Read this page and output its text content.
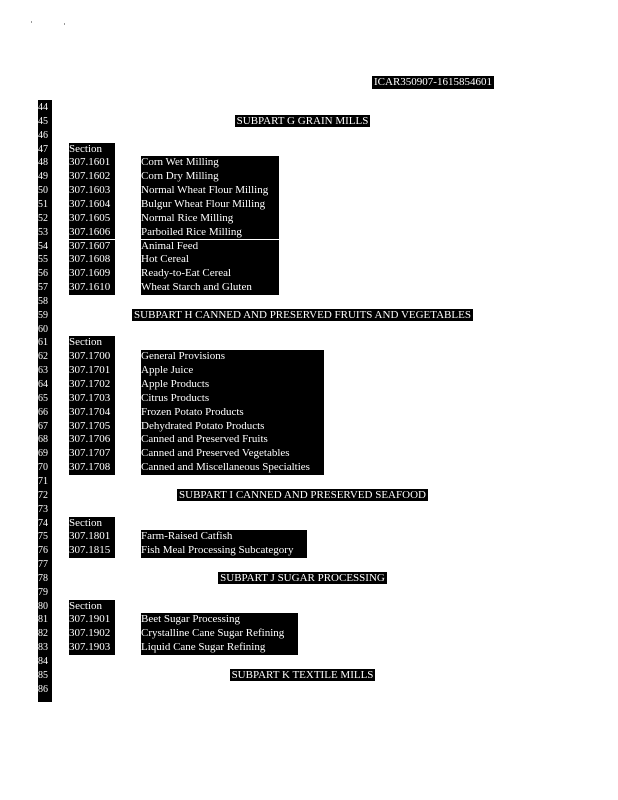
ICAR350907-1615854601
44
45	SUBPART G GRAIN MILLS
46
47	Section
48	307.1601	Corn Wet Milling
49	307.1602	Corn Dry Milling
50	307.1603	Normal Wheat Flour Milling
51	307.1604	Bulgur Wheat Flour Milling
52	307.1605	Normal Rice Milling
53	307.1606	Parboiled Rice Milling
54	307.1607	Animal Feed
55	307.1608	Hot Cereal
56	307.1609	Ready-to-Eat Cereal
57	307.1610	Wheat Starch and Gluten
58
59	SUBPART H CANNED AND PRESERVED FRUITS AND VEGETABLES
60
61	Section
62	307.1700	General Provisions
63	307.1701	Apple Juice
64	307.1702	Apple Products
65	307.1703	Citrus Products
66	307.1704	Frozen Potato Products
67	307.1705	Dehydrated Potato Products
68	307.1706	Canned and Preserved Fruits
69	307.1707	Canned and Preserved Vegetables
70	307.1708	Canned and Miscellaneous Specialties
71
72	SUBPART I CANNED AND PRESERVED SEAFOOD
73
74	Section
75	307.1801	Farm-Raised Catfish
76	307.1815	Fish Meal Processing Subcategory
77
78	SUBPART J SUGAR PROCESSING
79
80	Section
81	307.1901	Beet Sugar Processing
82	307.1902	Crystalline Cane Sugar Refining
83	307.1903	Liquid Cane Sugar Refining
84
85	SUBPART K TEXTILE MILLS
86
